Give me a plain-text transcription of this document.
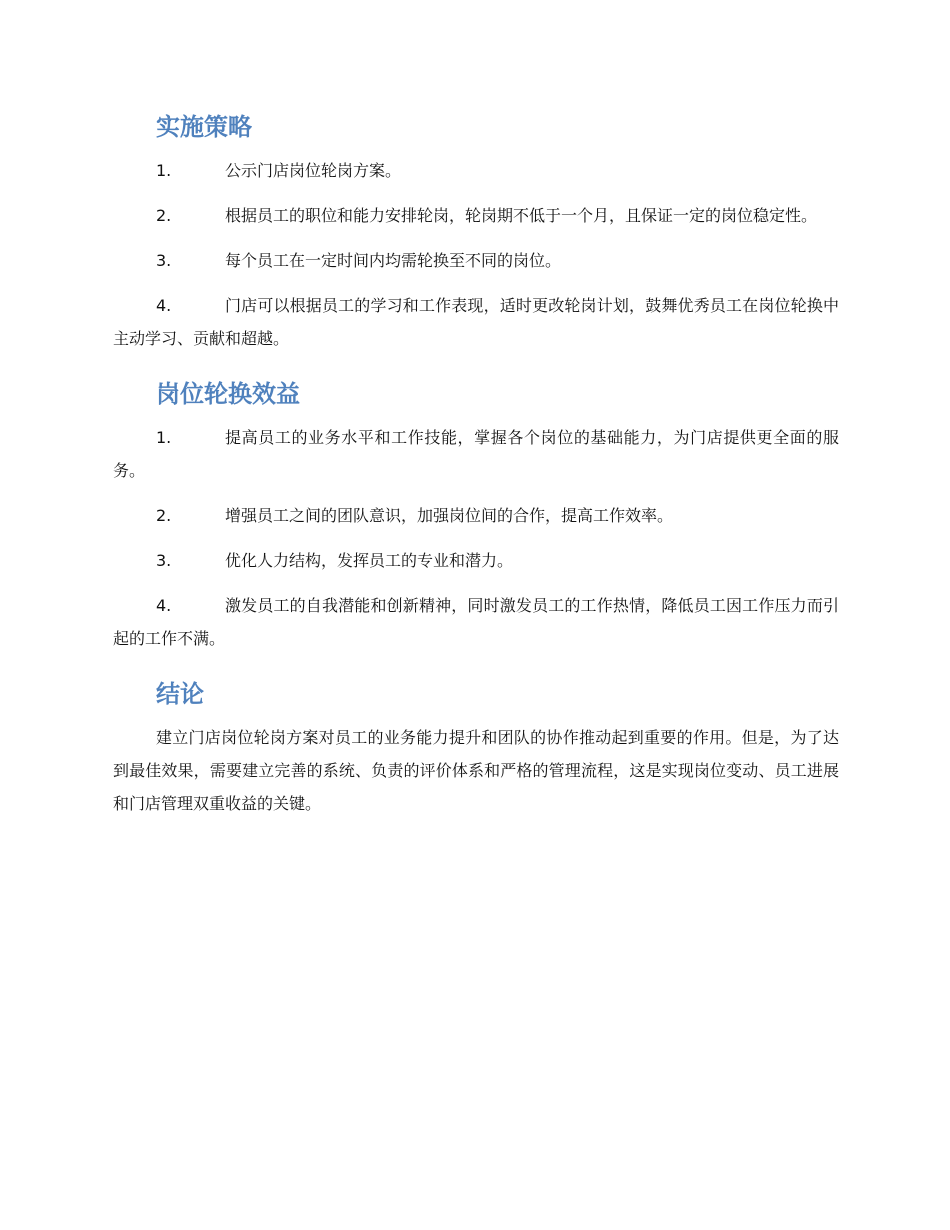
实施策略

1.	公示门店岗位轮岗方案。

2.	根据员工的职位和能力安排轮岗，轮岗期不低于一个月，且保证一定的岗位稳定性。

3.	每个员工在一定时间内均需轮换至不同的岗位。

4.	门店可以根据员工的学习和工作表现，适时更改轮岗计划，鼓舞优秀员工在岗位轮换中主动学习、贡献和超越。

岗位轮换效益

1.	提高员工的业务水平和工作技能，掌握各个岗位的基础能力，为门店提供更全面的服务。

2.	增强员工之间的团队意识，加强岗位间的合作，提高工作效率。

3.	优化人力结构，发挥员工的专业和潜力。

4.	激发员工的自我潜能和创新精神，同时激发员工的工作热情，降低员工因工作压力而引起的工作不满。

结论

建立门店岗位轮岗方案对员工的业务能力提升和团队的协作推动起到重要的作用。但是，为了达到最佳效果，需要建立完善的系统、负责的评价体系和严格的管理流程，这是实现岗位变动、员工进展和门店管理双重收益的关键。
